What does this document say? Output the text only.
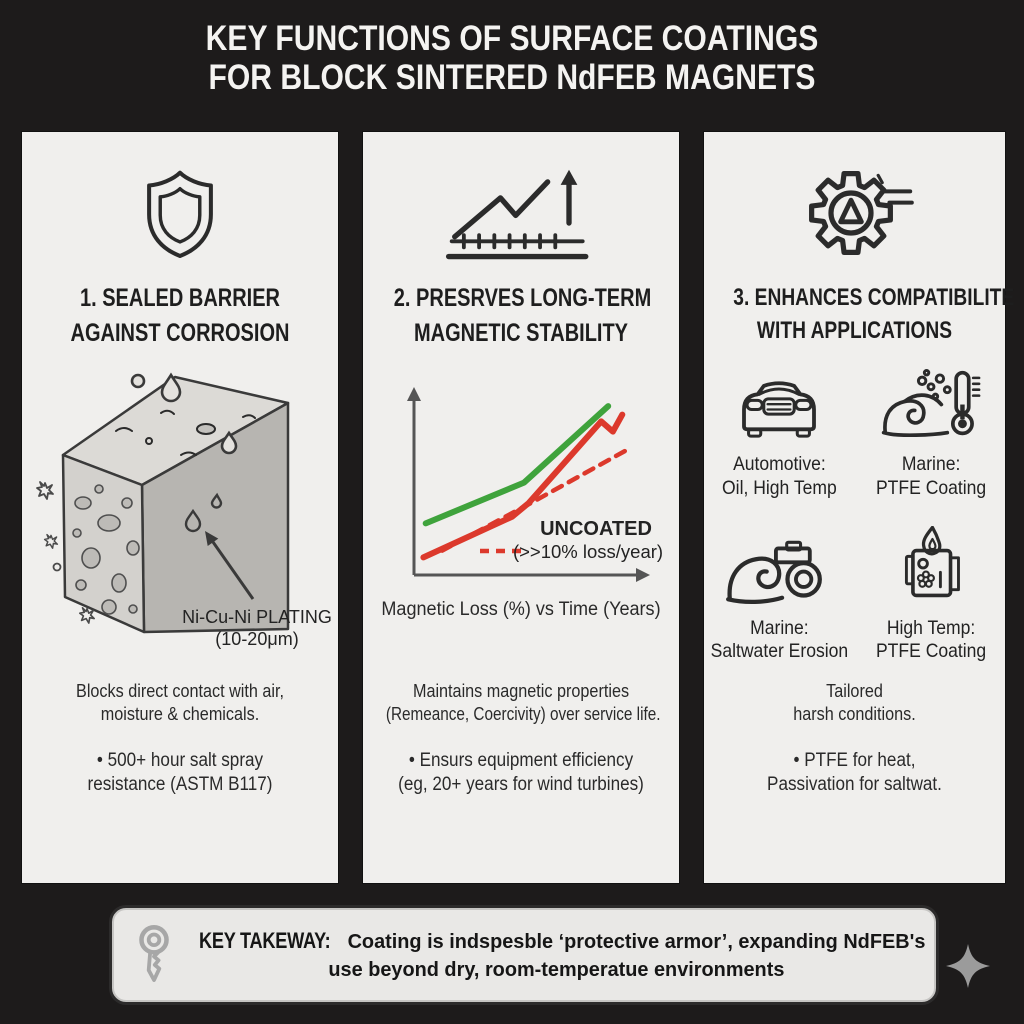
KEY FUNCTIONS OF SURFACE COATINGS
FOR BLOCK SINTERED NdFEB MAGNETS
1. SEALED BARRIER
AGAINST CORROSION
Ni-Cu-Ni PLATING
(10-20μm)
Blocks direct contact with air,
moisture & chemicals.
• 500+ hour salt spray
resistance (ASTM B117)
2. PRESRVES LONG-TERM
MAGNETIC STABILITY
UNCOATED
(>>10% loss/year)
Magnetic Loss (%) vs Time (Years)
Maintains magnetic properties
(Remeance, Coercivity) over service life.
• Ensurs equipment efficiency
(eg, 20+ years for wind turbines)
3. ENHANCES COMPATIBILITE
WITH APPLICATIONS
Automotive:
Oil, High Temp
Marine:
PTFE Coating
Marine:
Saltwater Erosion
High Temp:
PTFE Coating
Tailored
harsh conditions.
• PTFE for heat,
Passivation for saltwat.
KEY TAKEWAY: Coating is indspesble ‘protective armor’, expanding NdFEB's
use beyond dry, room-temperatue environments
